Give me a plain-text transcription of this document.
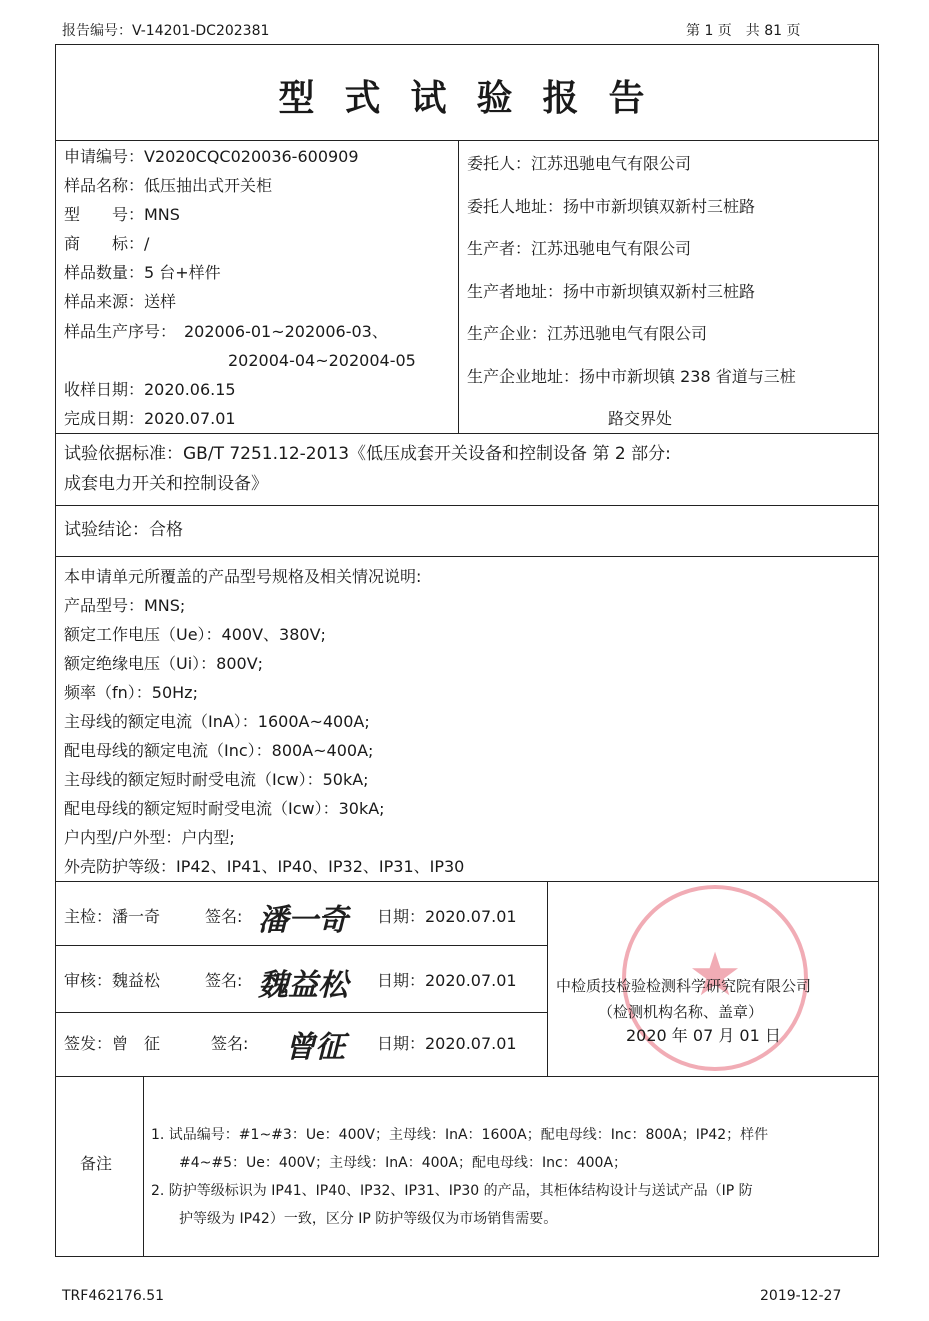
报告编号：V-14201-DC202381	第 1 页　共 81 页
型式试验报告
申请编号：V2020CQC020036-600909
样品名称：低压抽出式开关柜
型　　号：MNS
商　　标：/
样品数量：5 台+样件
样品来源：送样
样品生产序号：　202006-01~202006-03、
202004-04~202004-05
收样日期：2020.06.15
完成日期：2020.07.01
委托人：江苏迅驰电气有限公司
委托人地址：扬中市新坝镇双新村三桩路
生产者：江苏迅驰电气有限公司
生产者地址：扬中市新坝镇双新村三桩路
生产企业：江苏迅驰电气有限公司
生产企业地址：扬中市新坝镇 238 省道与三桩
路交界处
试验依据标准：GB/T 7251.12-2013《低压成套开关设备和控制设备 第 2 部分:
成套电力开关和控制设备》
试验结论：合格
本申请单元所覆盖的产品型号规格及相关情况说明:
产品型号：MNS;
额定工作电压（Ue）：400V、380V;
额定绝缘电压（Ui）：800V;
频率（fn）：50Hz;
主母线的额定电流（InA）：1600A~400A;
配电母线的额定电流（Inc）：800A~400A;
主母线的额定短时耐受电流（Icw）：50kA;
配电母线的额定短时耐受电流（Icw）：30kA;
户内型/户外型：户内型;
外壳防护等级：IP42、IP41、IP40、IP32、IP31、IP30
主检：潘一奇	签名: 潘一奇 日期：2020.07.01
审核：魏益松	签名: 魏益松 日期：2020.07.01
签发：曾　征	签名: 曾征 日期：2020.07.01
★
中检质技检验检测科学研究院有限公司
（检测机构名称、盖章）
2020 年 07 月 01 日
备注
1. 试品编号：#1~#3：Ue：400V；主母线：InA：1600A；配电母线：Inc：800A；IP42；样件
#4~#5：Ue：400V；主母线：InA：400A；配电母线：Inc：400A；
2. 防护等级标识为 IP41、IP40、IP32、IP31、IP30 的产品，其柜体结构设计与送试产品（IP 防
护等级为 IP42）一致，区分 IP 防护等级仅为市场销售需要。
TRF462176.51	2019-12-27
